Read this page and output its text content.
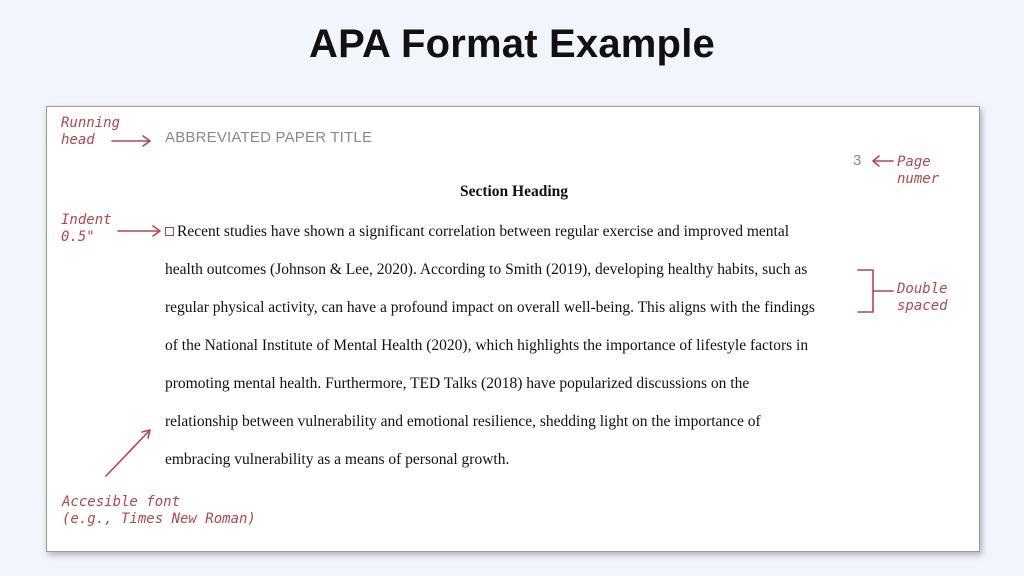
APA Format Example
ABBREVIATED PAPER TITLE
3
Section Heading
Recent studies have shown a significant correlation between regular exercise and improved mental
health outcomes (Johnson & Lee, 2020). According to Smith (2019), developing healthy habits, such as
regular physical activity, can have a profound impact on overall well-being. This aligns with the findings
of the National Institute of Mental Health (2020), which highlights the importance of lifestyle factors in
promoting mental health. Furthermore, TED Talks (2018) have popularized discussions on the
relationship between vulnerability and emotional resilience, shedding light on the importance of
embracing vulnerability as a means of personal growth.
Running
head
Page
numer
Indent
0.5"
Double
spaced
Accesible font
(e.g., Times New Roman)
